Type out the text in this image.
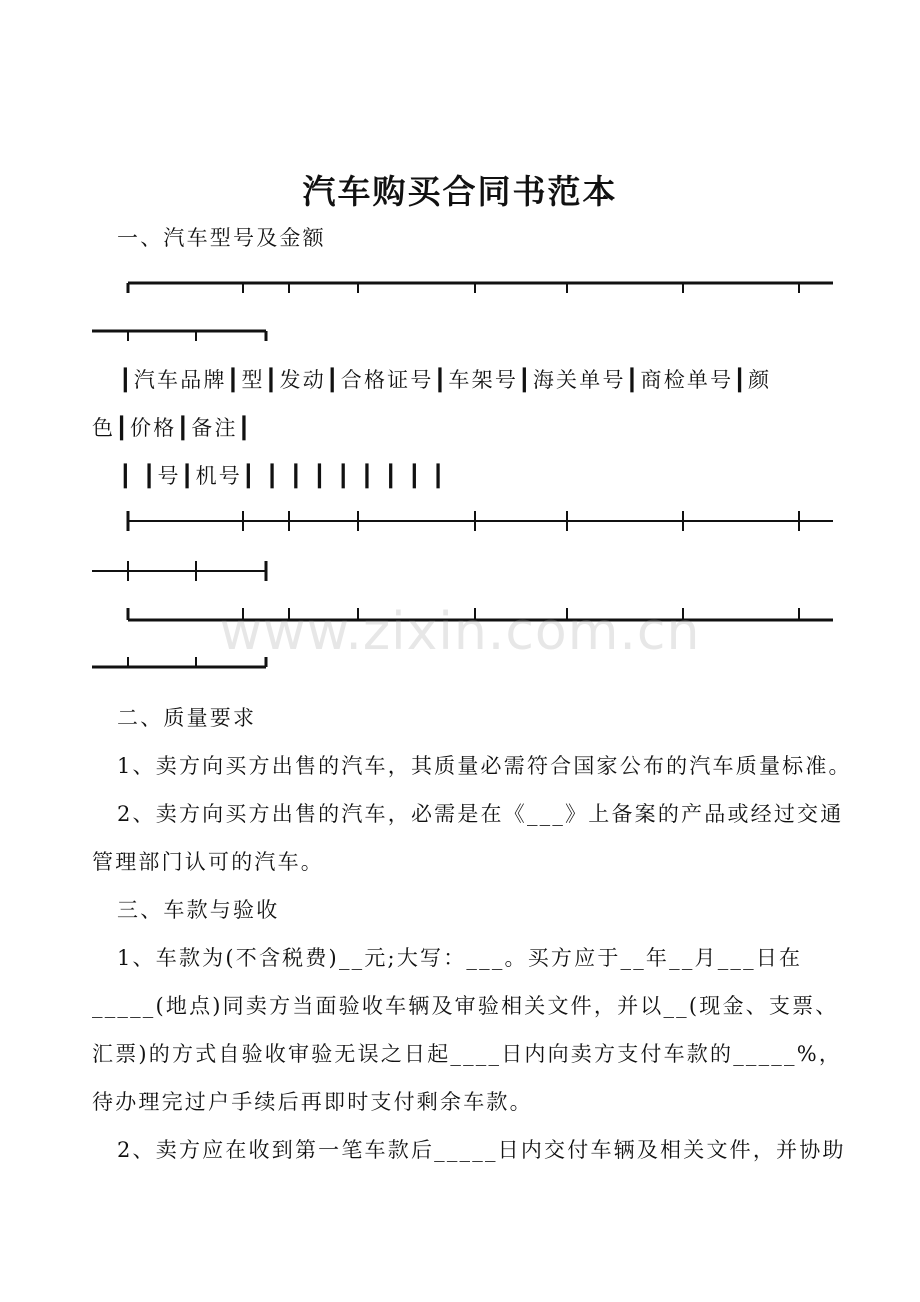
汽车购买合同书范本
一、汽车型号及金额
┃汽车品牌┃型┃发动┃合格证号┃车架号┃海关单号┃商检单号┃颜
色┃价格┃备注┃
┃ ┃号┃机号┃ ┃ ┃ ┃ ┃ ┃ ┃ ┃ ┃
www.zixin.com.cn
二、质量要求
1、卖方向买方出售的汽车，其质量必需符合国家公布的汽车质量标准。
2、卖方向买方出售的汽车，必需是在《___》上备案的产品或经过交通
管理部门认可的汽车。
三、车款与验收
1、车款为(不含税费)__元;大写：___。买方应于__年__月___日在
_____(地点)同卖方当面验收车辆及审验相关文件，并以__(现金、支票、
汇票)的方式自验收审验无误之日起____日内向卖方支付车款的_____%，
待办理完过户手续后再即时支付剩余车款。
2、卖方应在收到第一笔车款后_____日内交付车辆及相关文件，并协助
